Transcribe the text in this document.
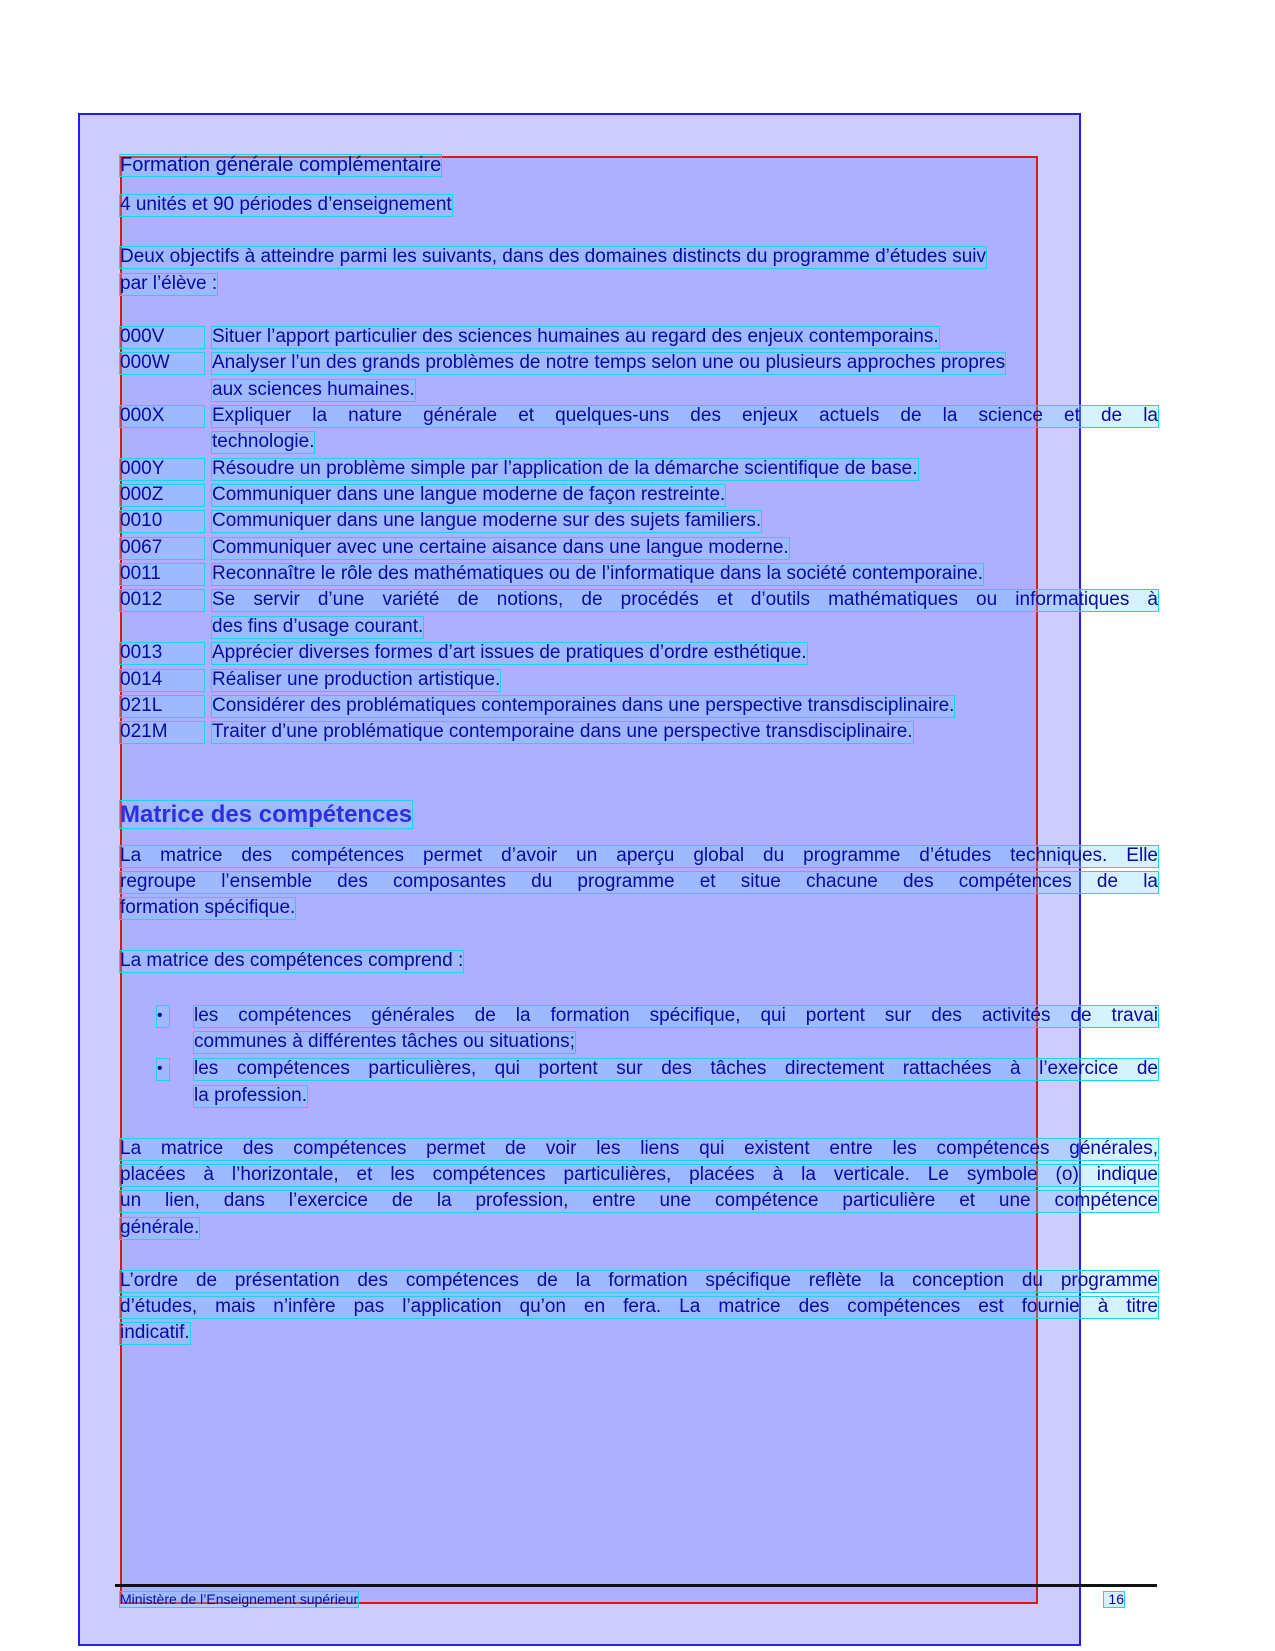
Formation générale complémentaire
4 unités et 90 périodes d’enseignement
Deux objectifs à atteindre parmi les suivants, dans des domaines distincts du programme d’études suiv
par l’élève :
000V	Situer l’apport particulier des sciences humaines au regard des enjeux contemporains.
000W	Analyser l’un des grands problèmes de notre temps selon une ou plusieurs approches propres
aux sciences humaines.
000X	Expliquer la nature générale et quelques-uns des enjeux actuels de la science et de la
technologie.
000Y	Résoudre un problème simple par l’application de la démarche scientifique de base.
000Z	Communiquer dans une langue moderne de façon restreinte.
0010	Communiquer dans une langue moderne sur des sujets familiers.
0067	Communiquer avec une certaine aisance dans une langue moderne.
0011	Reconnaître le rôle des mathématiques ou de l’informatique dans la société contemporaine.
0012	Se servir d’une variété de notions, de procédés et d’outils mathématiques ou informatiques à
des fins d’usage courant.
0013	Apprécier diverses formes d’art issues de pratiques d’ordre esthétique.
0014	Réaliser une production artistique.
021L	Considérer des problématiques contemporaines dans une perspective transdisciplinaire.
021M	Traiter d’une problématique contemporaine dans une perspective transdisciplinaire.
Matrice des compétences
La matrice des compétences permet d’avoir un aperçu global du programme d’études techniques. Elle
regroupe l’ensemble des composantes du programme et situe chacune des compétences de la
formation spécifique.
La matrice des compétences comprend :
•	les compétences générales de la formation spécifique, qui portent sur des activités de travai
communes à différentes tâches ou situations;
•	les compétences particulières, qui portent sur des tâches directement rattachées à l’exercice de
la profession.
La matrice des compétences permet de voir les liens qui existent entre les compétences générales,
placées à l’horizontale, et les compétences particulières, placées à la verticale. Le symbole (o) indique
un lien, dans l’exercice de la profession, entre une compétence particulière et une compétence
générale.
L’ordre de présentation des compétences de la formation spécifique reflète la conception du programme
d’études, mais n’infère pas l’application qu’on en fera. La matrice des compétences est fournie à titre
indicatif.
Ministère de l’Enseignement supérieur	16
